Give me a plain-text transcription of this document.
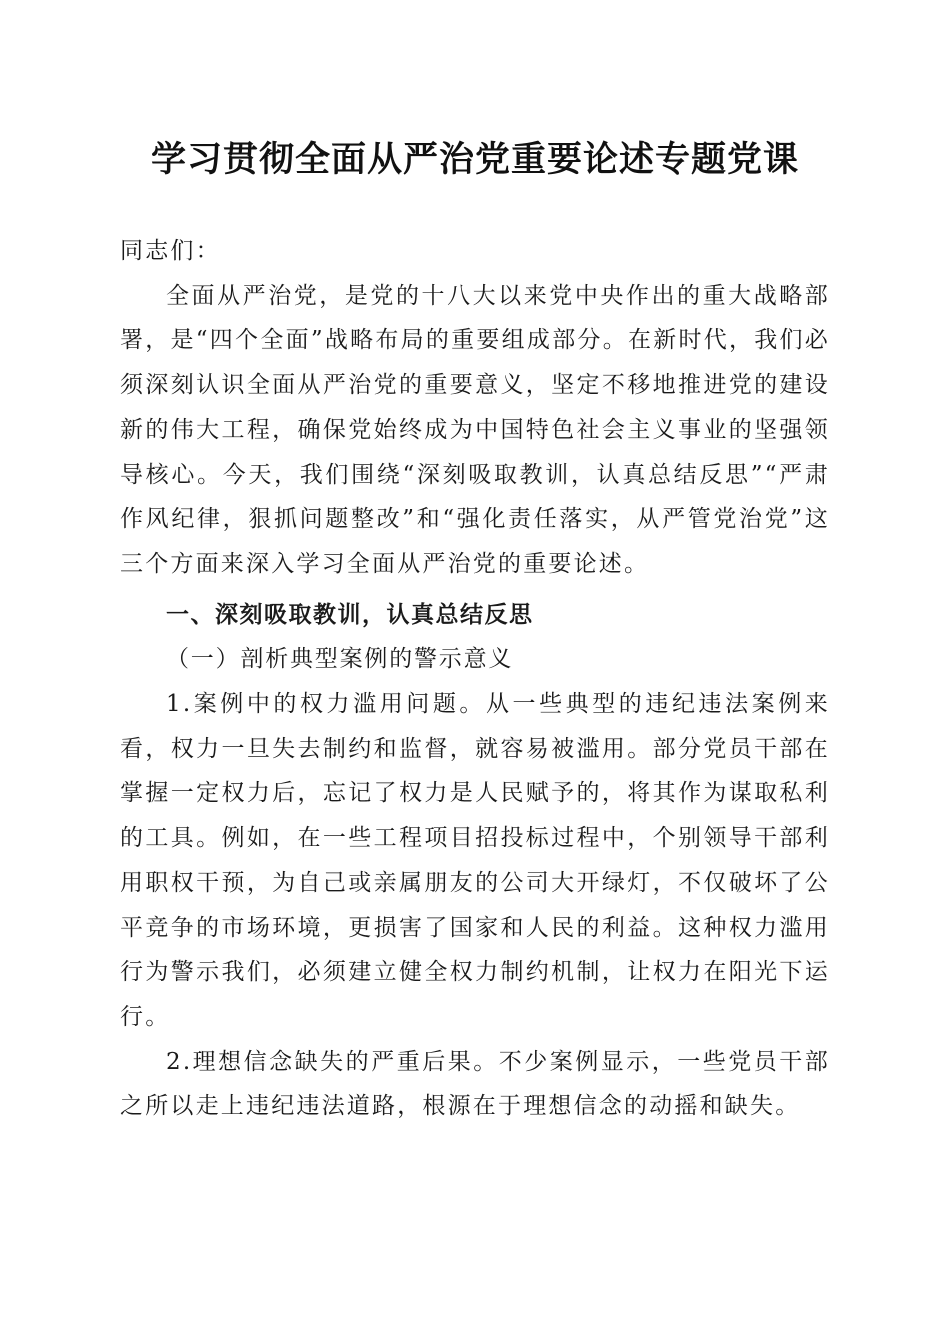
学习贯彻全面从严治党重要论述专题党课

同志们：

全面从严治党，是党的十八大以来党中央作出的重大战略部署，是“四个全面”战略布局的重要组成部分。在新时代，我们必须深刻认识全面从严治党的重要意义，坚定不移地推进党的建设新的伟大工程，确保党始终成为中国特色社会主义事业的坚强领导核心。今天，我们围绕“深刻吸取教训，认真总结反思”“严肃作风纪律，狠抓问题整改”和“强化责任落实，从严管党治党”这三个方面来深入学习全面从严治党的重要论述。

一、深刻吸取教训，认真总结反思

（一）剖析典型案例的警示意义

1.案例中的权力滥用问题。从一些典型的违纪违法案例来看，权力一旦失去制约和监督，就容易被滥用。部分党员干部在掌握一定权力后，忘记了权力是人民赋予的，将其作为谋取私利的工具。例如，在一些工程项目招投标过程中，个别领导干部利用职权干预，为自己或亲属朋友的公司大开绿灯，不仅破坏了公平竞争的市场环境，更损害了国家和人民的利益。这种权力滥用行为警示我们，必须建立健全权力制约机制，让权力在阳光下运行。

2.理想信念缺失的严重后果。不少案例显示，一些党员干部之所以走上违纪违法道路，根源在于理想信念的动摇和缺失。
